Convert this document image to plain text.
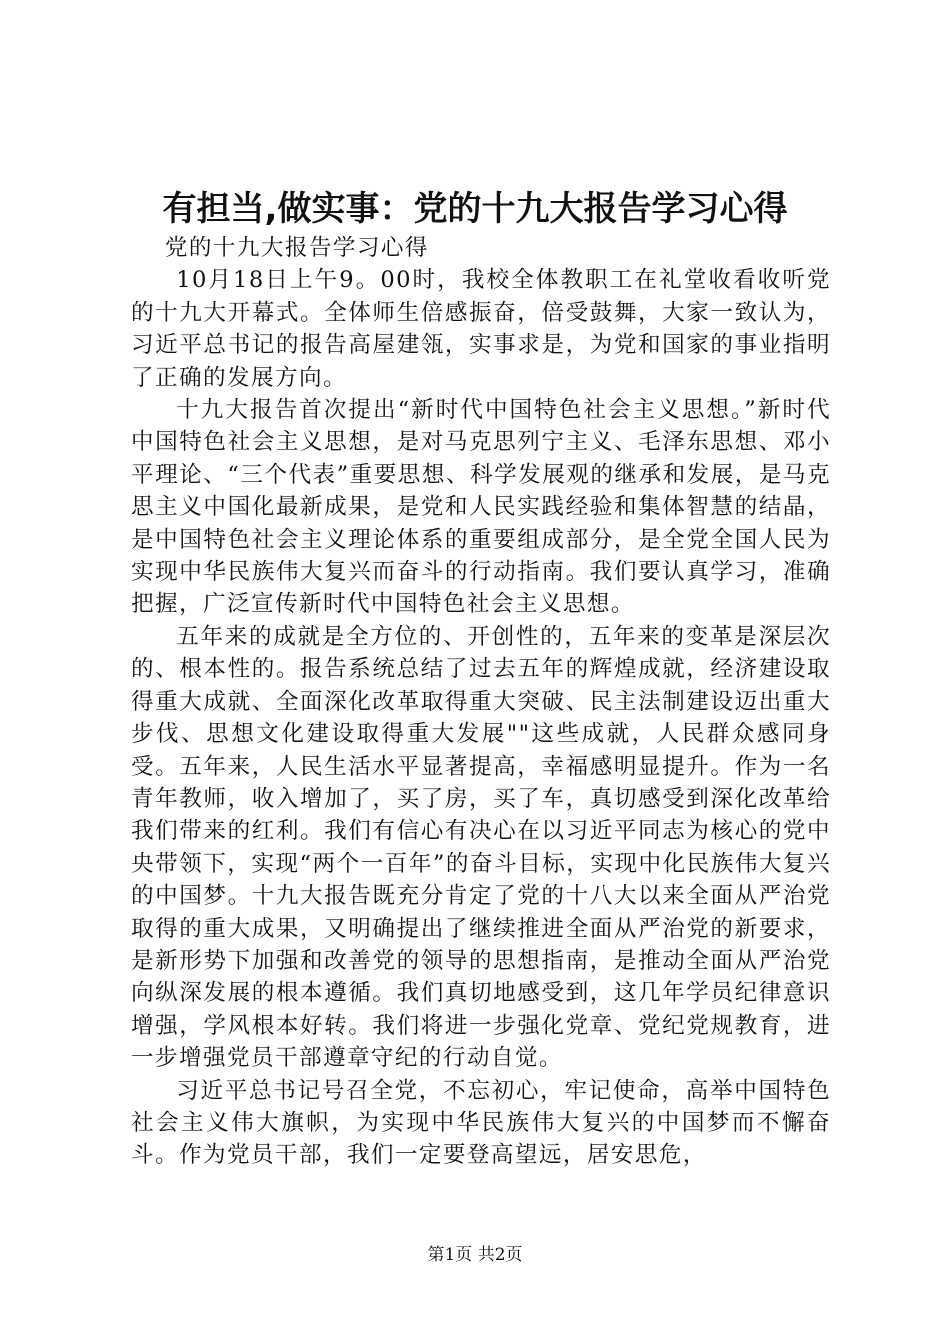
有担当,做实事：党的十九大报告学习心得

党的十九大报告学习心得

10月18日上午9。00时，我校全体教职工在礼堂收看收听党的十九大开幕式。全体师生倍感振奋，倍受鼓舞，大家一致认为，习近平总书记的报告高屋建瓴，实事求是，为党和国家的事业指明了正确的发展方向。

十九大报告首次提出“新时代中国特色社会主义思想。”新时代中国特色社会主义思想，是对马克思列宁主义、毛泽东思想、邓小平理论、“三个代表”重要思想、科学发展观的继承和发展，是马克思主义中国化最新成果，是党和人民实践经验和集体智慧的结晶，是中国特色社会主义理论体系的重要组成部分，是全党全国人民为实现中华民族伟大复兴而奋斗的行动指南。我们要认真学习，准确把握，广泛宣传新时代中国特色社会主义思想。

五年来的成就是全方位的、开创性的，五年来的变革是深层次的、根本性的。报告系统总结了过去五年的辉煌成就，经济建设取得重大成就、全面深化改革取得重大突破、民主法制建设迈出重大步伐、思想文化建设取得重大发展""这些成就，人民群众感同身受。五年来，人民生活水平显著提高，幸福感明显提升。作为一名青年教师，收入增加了，买了房，买了车，真切感受到深化改革给我们带来的红利。我们有信心有决心在以习近平同志为核心的党中央带领下，实现“两个一百年”的奋斗目标，实现中化民族伟大复兴的中国梦。十九大报告既充分肯定了党的十八大以来全面从严治党取得的重大成果，又明确提出了继续推进全面从严治党的新要求，是新形势下加强和改善党的领导的思想指南，是推动全面从严治党向纵深发展的根本遵循。我们真切地感受到，这几年学员纪律意识增强，学风根本好转。我们将进一步强化党章、党纪党规教育，进一步增强党员干部遵章守纪的行动自觉。

习近平总书记号召全党，不忘初心，牢记使命，高举中国特色社会主义伟大旗帜，为实现中华民族伟大复兴的中国梦而不懈奋斗。作为党员干部，我们一定要登高望远，居安思危，

第1页 共2页
